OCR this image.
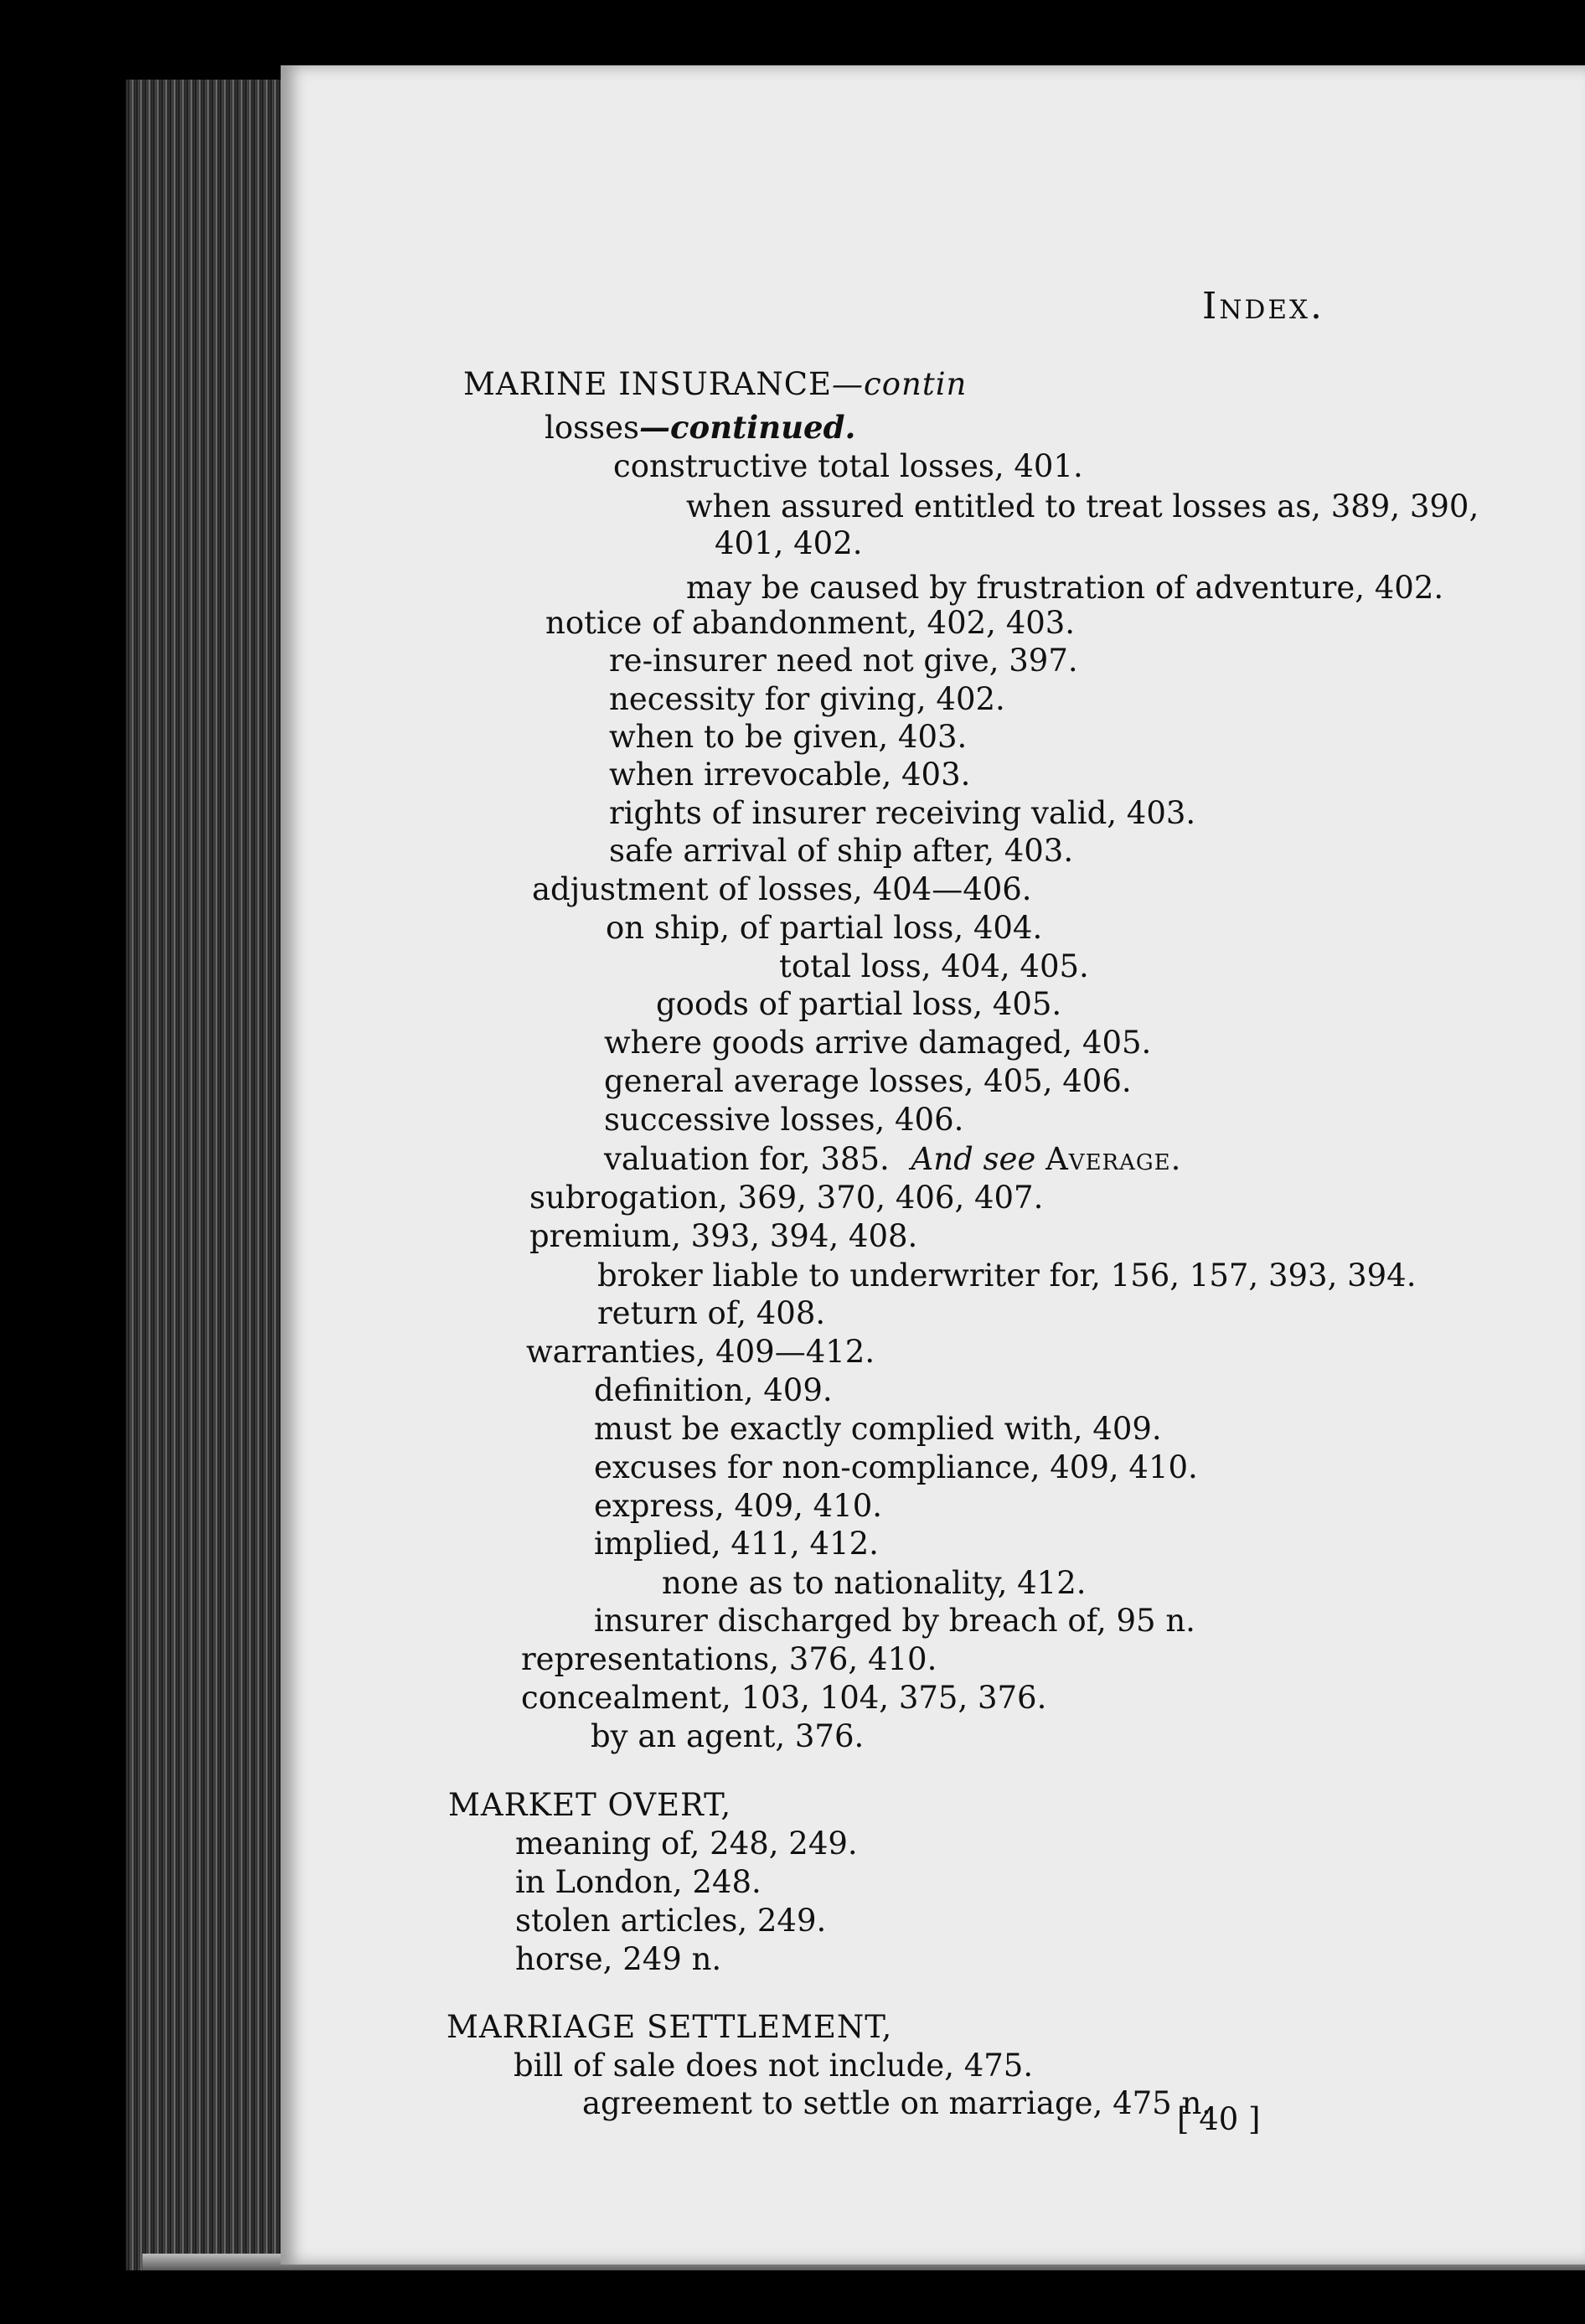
Index.
MARINE INSURANCE—contin
losses—continued.
constructive total losses, 401.
when assured entitled to treat losses as, 389, 390,
401, 402.
may be caused by frustration of adventure, 402.
notice of abandonment, 402, 403.
re-insurer need not give, 397.
necessity for giving, 402.
when to be given, 403.
when irrevocable, 403.
rights of insurer receiving valid, 403.
safe arrival of ship after, 403.
adjustment of losses, 404—406.
on ship, of partial loss, 404.
total loss, 404, 405.
goods of partial loss, 405.
where goods arrive damaged, 405.
general average losses, 405, 406.
successive losses, 406.
valuation for, 385. And see Average.
subrogation, 369, 370, 406, 407.
premium, 393, 394, 408.
broker liable to underwriter for, 156, 157, 393, 394.
return of, 408.
warranties, 409—412.
definition, 409.
must be exactly complied with, 409.
excuses for non-compliance, 409, 410.
express, 409, 410.
implied, 411, 412.
none as to nationality, 412.
insurer discharged by breach of, 95 n.
representations, 376, 410.
concealment, 103, 104, 375, 376.
by an agent, 376.
MARKET OVERT,
meaning of, 248, 249.
in London, 248.
stolen articles, 249.
horse, 249 n.
MARRIAGE SETTLEMENT,
bill of sale does not include, 475.
agreement to settle on marriage, 475 n.
[ 40 ]
